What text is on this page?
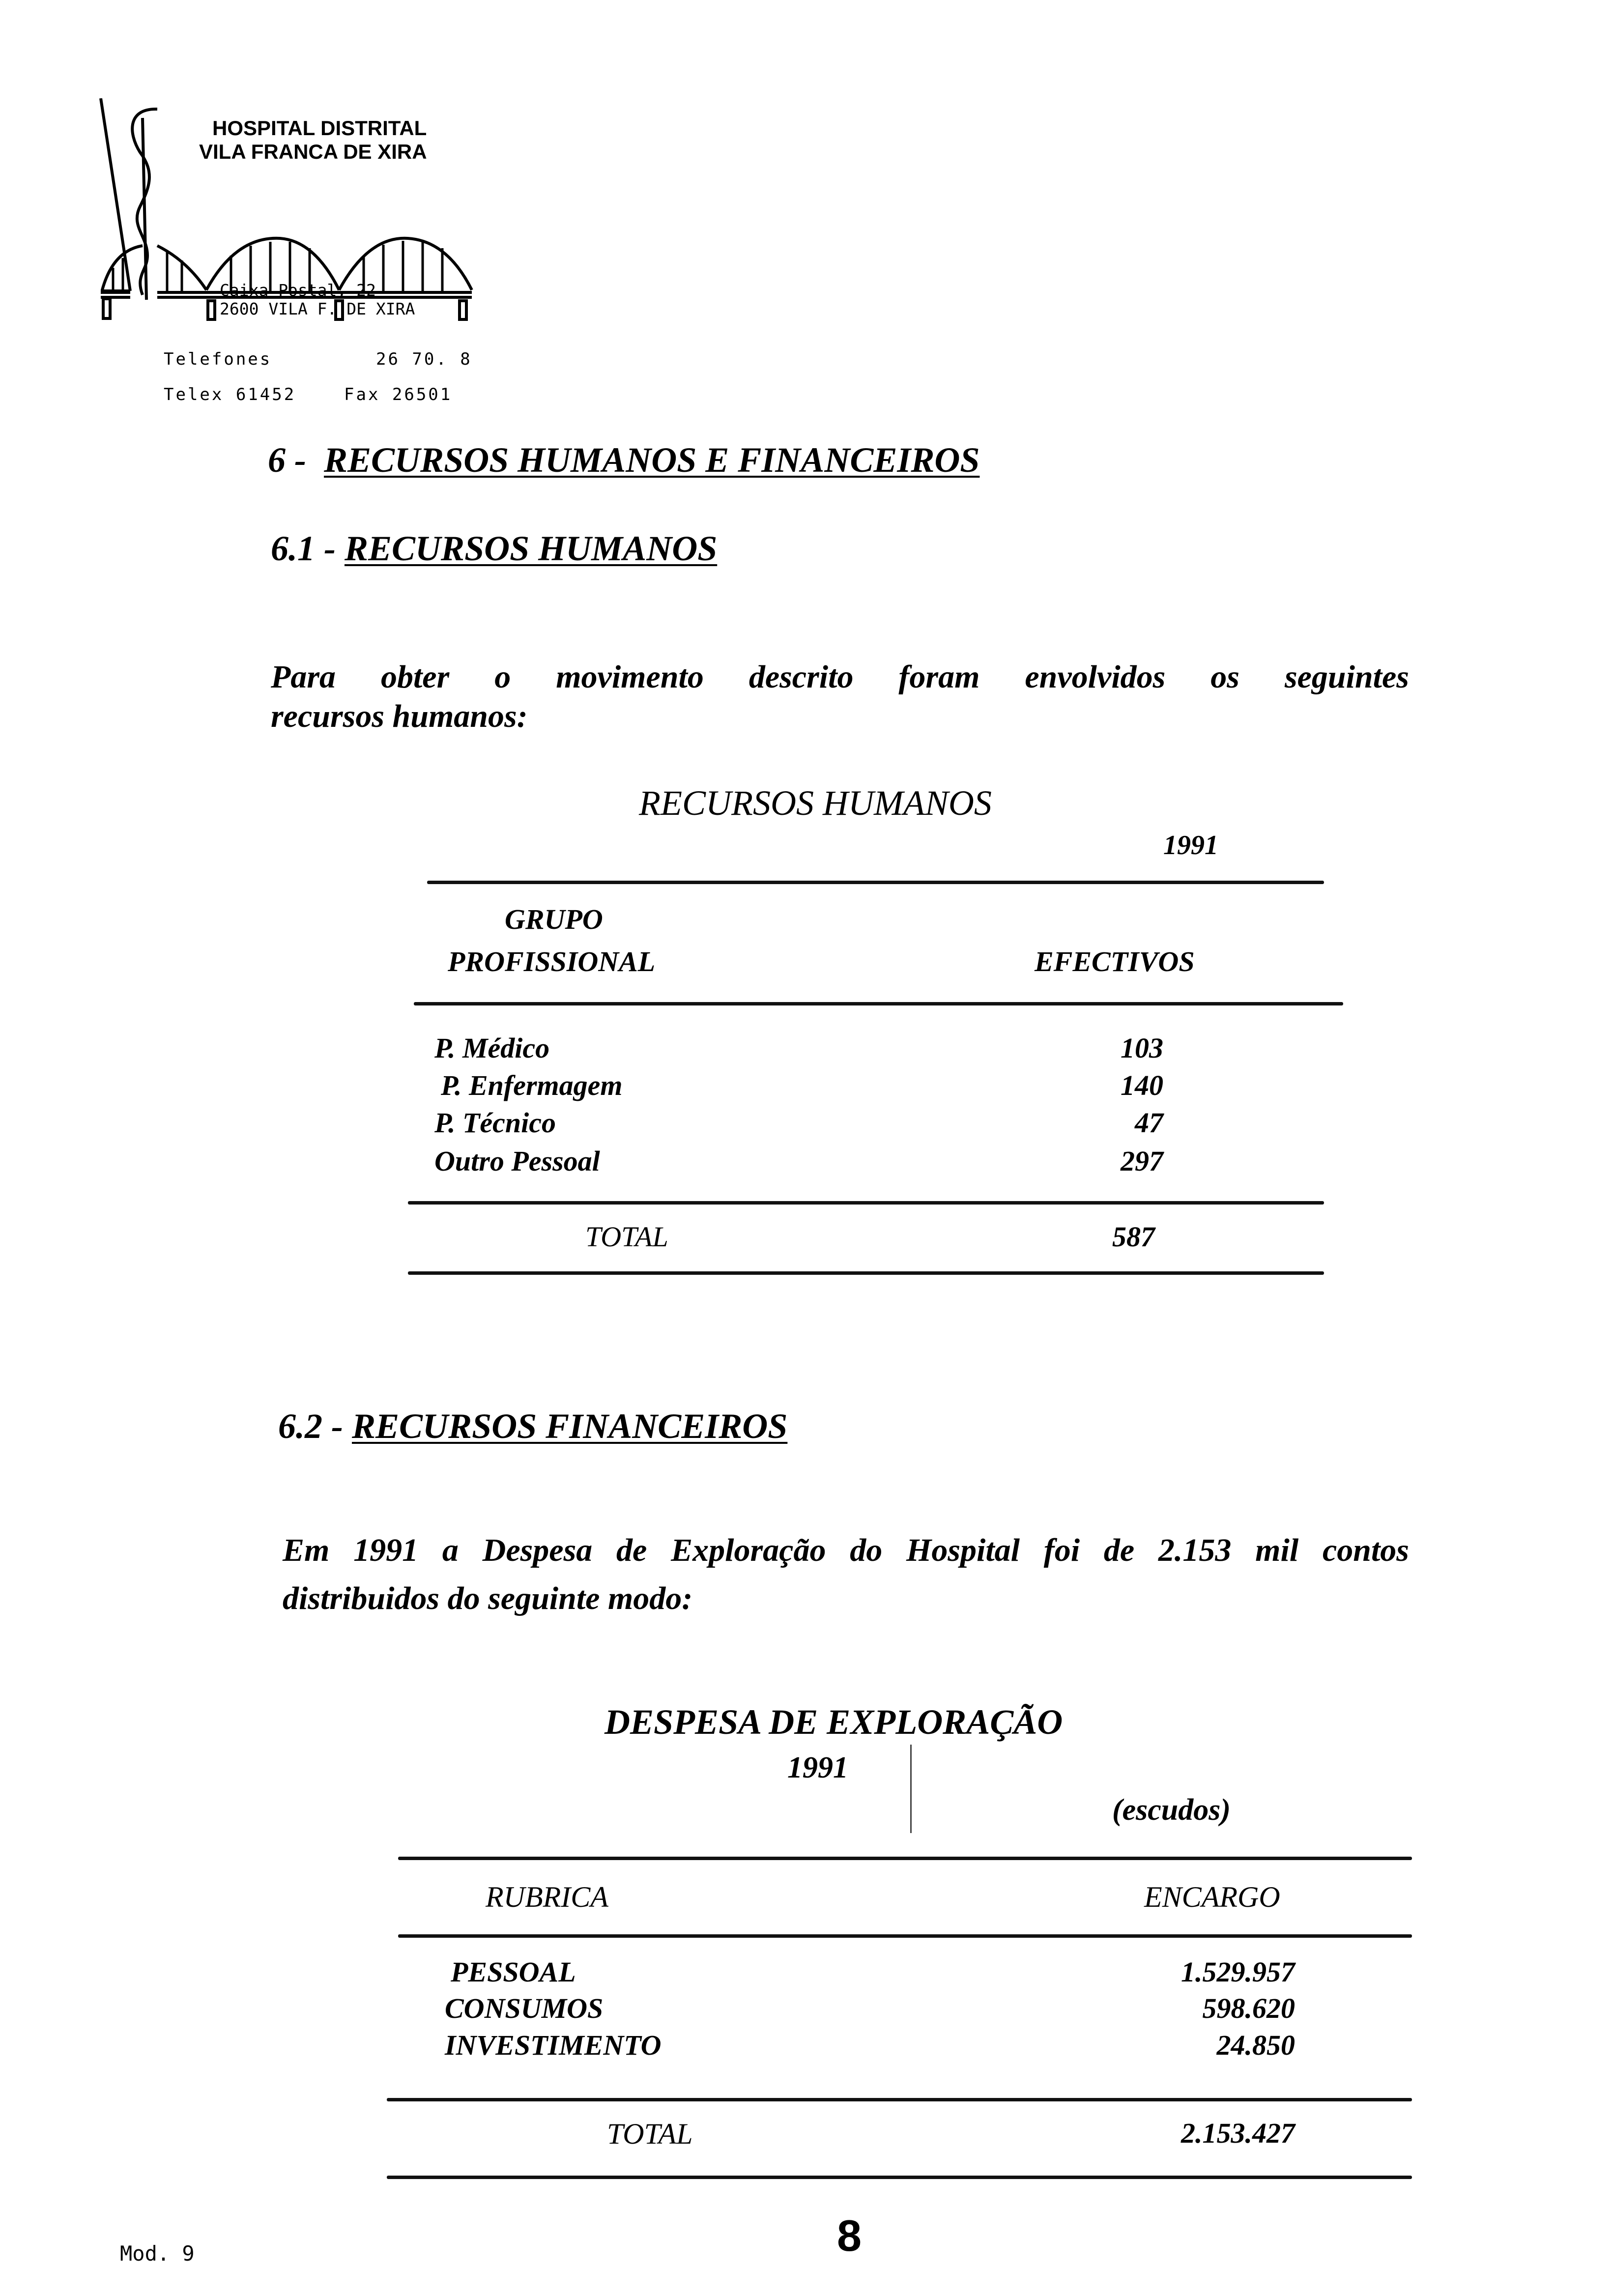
HOSPITAL DISTRITAL
VILA FRANCA DE XIRA
Caixa Postal, 22
2600 VILA F. DE XIRA
Telefones	26 70. 8
Telex 61452	Fax 26501
6 - RECURSOS HUMANOS E FINANCEIROS
6.1 - RECURSOS HUMANOS
Para obter o movimento descrito foram envolvidos os seguintes
recursos humanos:
RECURSOS HUMANOS
1991
GRUPO
PROFISSIONAL	EFECTIVOS
P. Médico	103
P. Enfermagem	140
P. Técnico	47
Outro Pessoal	297
TOTAL	587
6.2 - RECURSOS FINANCEIROS
Em 1991 a Despesa de Exploração do Hospital foi de 2.153 mil contos
distribuidos do seguinte modo:
DESPESA DE EXPLORAÇÃO
1991
(escudos)
RUBRICA	ENCARGO
PESSOAL	1.529.957
CONSUMOS	598.620
INVESTIMENTO	24.850
TOTAL	2.153.427
8
Mod. 9
